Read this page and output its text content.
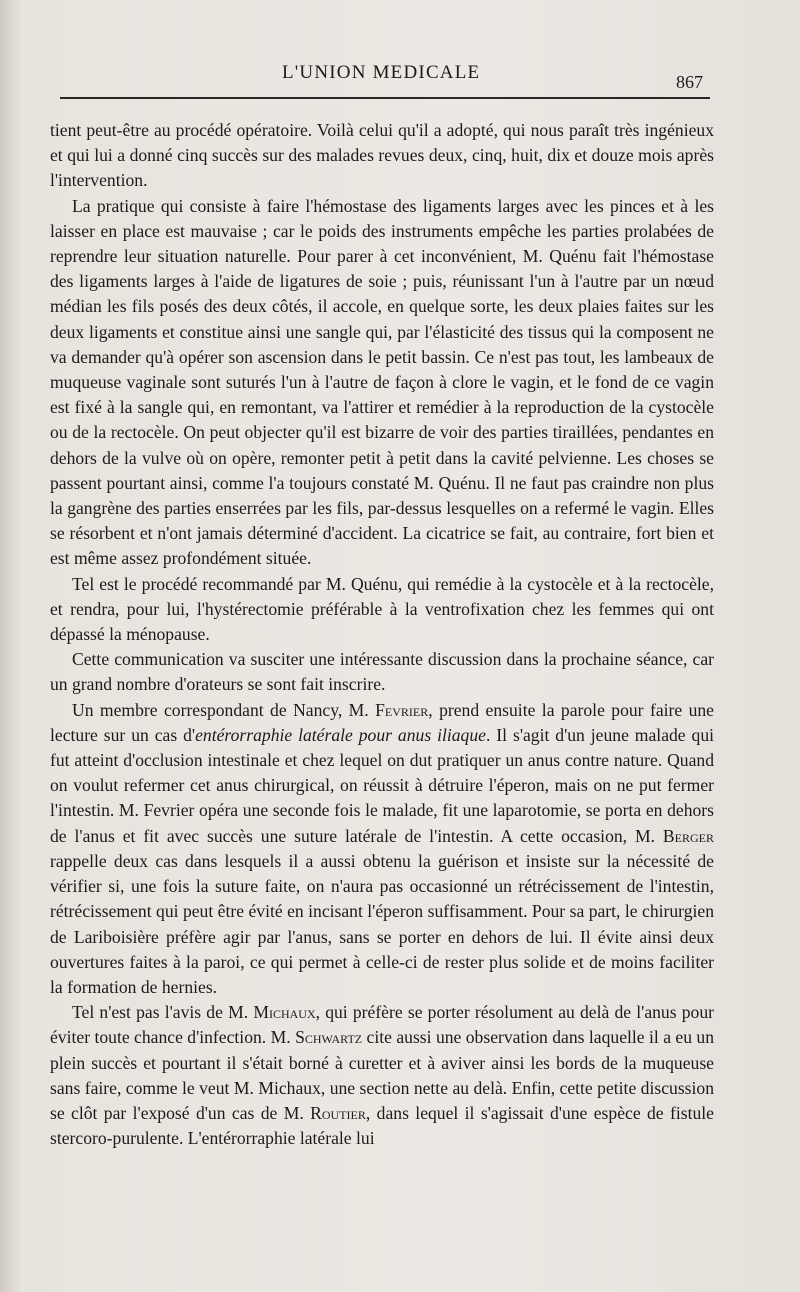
L'UNION MEDICALE	867

tient peut-être au procédé opératoire. Voilà celui qu'il a adopté, qui nous paraît très ingénieux et qui lui a donné cinq succès sur des malades revues deux, cinq, huit, dix et douze mois après l'intervention.

La pratique qui consiste à faire l'hémostase des ligaments larges avec les pinces et à les laisser en place est mauvaise ; car le poids des instruments empêche les parties prolabées de reprendre leur situation naturelle. Pour parer à cet inconvénient, M. Quénu fait l'hémostase des ligaments larges à l'aide de ligatures de soie ; puis, réunissant l'un à l'autre par un nœud médian les fils posés des deux côtés, il accole, en quelque sorte, les deux plaies faites sur les deux ligaments et constitue ainsi une sangle qui, par l'élasticité des tissus qui la composent ne va demander qu'à opérer son ascension dans le petit bassin. Ce n'est pas tout, les lambeaux de muqueuse vaginale sont suturés l'un à l'autre de façon à clore le vagin, et le fond de ce vagin est fixé à la sangle qui, en remontant, va l'attirer et remédier à la reproduction de la cystocèle ou de la rectocèle. On peut objecter qu'il est bizarre de voir des parties tiraillées, pendantes en dehors de la vulve où on opère, remonter petit à petit dans la cavité pelvienne. Les choses se passent pourtant ainsi, comme l'a toujours constaté M. Quénu. Il ne faut pas craindre non plus la gangrène des parties enserrées par les fils, par-dessus lesquelles on a refermé le vagin. Elles se résorbent et n'ont jamais déterminé d'accident. La cicatrice se fait, au contraire, fort bien et est même assez profondément située.

Tel est le procédé recommandé par M. Quénu, qui remédie à la cystocèle et à la rectocèle, et rendra, pour lui, l'hystérectomie préférable à la ventrofixation chez les femmes qui ont dépassé la ménopause.

Cette communication va susciter une intéressante discussion dans la prochaine séance, car un grand nombre d'orateurs se sont fait inscrire.

Un membre correspondant de Nancy, M. Fevrier, prend ensuite la parole pour faire une lecture sur un cas d'entérorraphie latérale pour anus iliaque. Il s'agit d'un jeune malade qui fut atteint d'occlusion intestinale et chez lequel on dut pratiquer un anus contre nature. Quand on voulut refermer cet anus chirurgical, on réussit à détruire l'éperon, mais on ne put fermer l'intestin. M. Fevrier opéra une seconde fois le malade, fit une laparotomie, se porta en dehors de l'anus et fit avec succès une suture latérale de l'intestin. A cette occasion, M. Berger rappelle deux cas dans lesquels il a aussi obtenu la guérison et insiste sur la nécessité de vérifier si, une fois la suture faite, on n'aura pas occasionné un rétrécissement de l'intestin, rétrécissement qui peut être évité en incisant l'éperon suffisamment. Pour sa part, le chirurgien de Lariboisière préfère agir par l'anus, sans se porter en dehors de lui. Il évite ainsi deux ouvertures faites à la paroi, ce qui permet à celle-ci de rester plus solide et de moins faciliter la formation de hernies.

Tel n'est pas l'avis de M. Michaux, qui préfère se porter résolument au delà de l'anus pour éviter toute chance d'infection. M. Schwartz cite aussi une observation dans laquelle il a eu un plein succès et pourtant il s'était borné à curetter et à aviver ainsi les bords de la muqueuse sans faire, comme le veut M. Michaux, une section nette au delà. Enfin, cette petite discussion se clôt par l'exposé d'un cas de M. Routier, dans lequel il s'agissait d'une espèce de fistule stercoro-purulente. L'entérorraphie latérale lui
